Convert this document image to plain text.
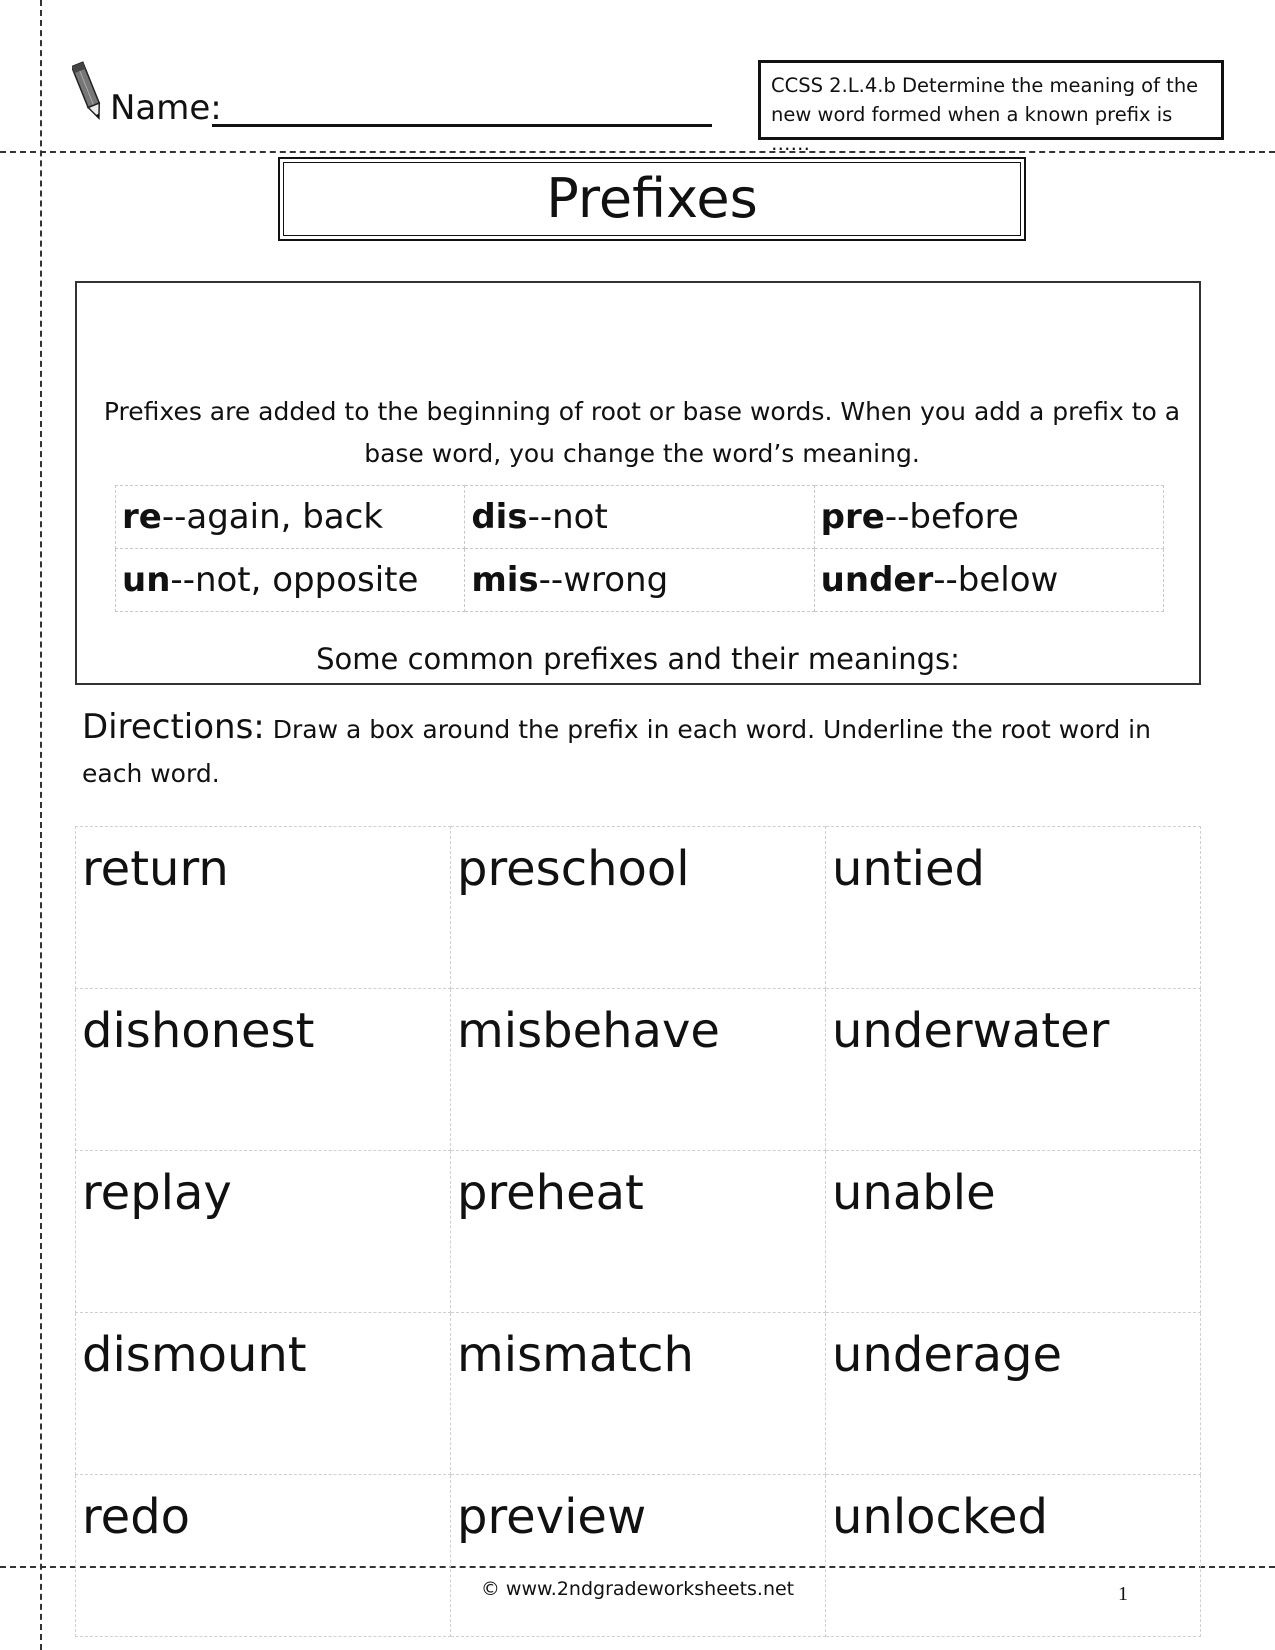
Name:
CCSS 2.L.4.b Determine the meaning of the
new word formed when a known prefix is ……
Prefixes
Prefixes are added to the beginning of root or base words. When you add a prefix to a base word, you change the word’s meaning.
re--again, back	dis--not	pre--before
un--not, opposite	mis--wrong	under--below
Some common prefixes and their meanings:
Directions: Draw a box around the prefix in each word. Underline the root word in each word.
return	preschool	untied
dishonest	misbehave	underwater
replay	preheat	unable
dismount	mismatch	underage
redo	preview	unlocked
© www.2ndgradeworksheets.net	1
